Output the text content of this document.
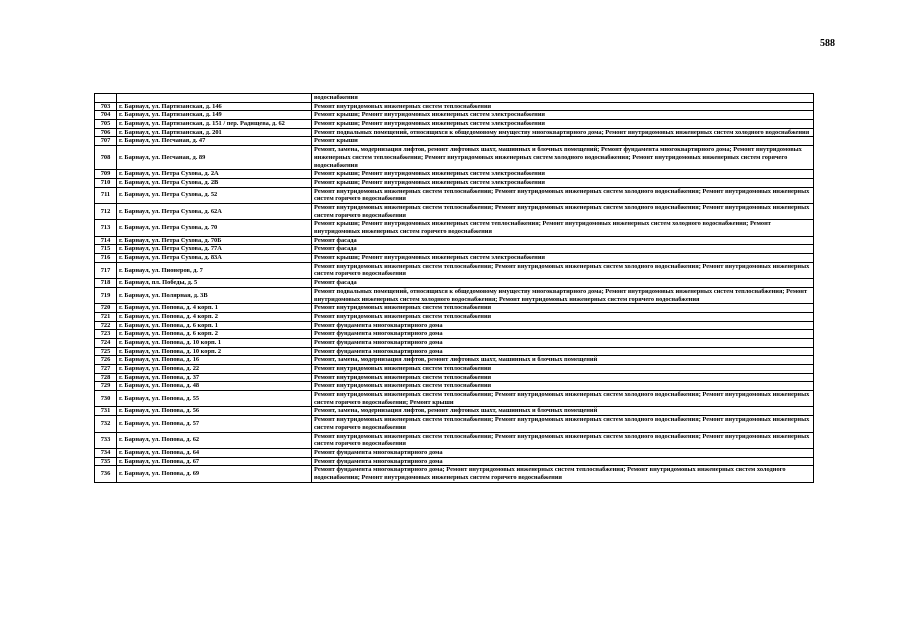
588
		водоснабжения
703	г. Барнаул, ул. Партизанская, д. 146	Ремонт внутридомовых инженерных систем теплоснабжения
704	г. Барнаул, ул. Партизанская, д. 149	Ремонт крыши; Ремонт внутридомовых инженерных систем электроснабжения
705	г. Барнаул, ул. Партизанская, д. 151 / пер. Радищева, д. 62	Ремонт крыши; Ремонт внутридомовых инженерных систем электроснабжения
706	г. Барнаул, ул. Партизанская, д. 201	Ремонт подвальных помещений, относящихся к общедомовому имуществу многоквартирного дома; Ремонт внутридомовых инженерных систем холодного водоснабжения
707	г. Барнаул, ул. Песчаная, д. 47	Ремонт крыши
708	г. Барнаул, ул. Песчаная, д. 89	Ремонт, замена, модернизация лифтов, ремонт лифтовых шахт, машинных и блочных помещений; Ремонт фундамента многоквартирного дома; Ремонт внутридомовых инженерных систем теплоснабжения; Ремонт внутридомовых инженерных систем холодного водоснабжения; Ремонт внутридомовых инженерных систем горячего водоснабжения
709	г. Барнаул, ул. Петра Сухова, д. 2А	Ремонт крыши; Ремонт внутридомовых инженерных систем электроснабжения
710	г. Барнаул, ул. Петра Сухова, д. 2В	Ремонт крыши; Ремонт внутридомовых инженерных систем электроснабжения
711	г. Барнаул, ул. Петра Сухова, д. 52	Ремонт внутридомовых инженерных систем теплоснабжения; Ремонт внутридомовых инженерных систем холодного водоснабжения; Ремонт внутридомовых инженерных систем горячего водоснабжения
712	г. Барнаул, ул. Петра Сухова, д. 62А	Ремонт внутридомовых инженерных систем теплоснабжения; Ремонт внутридомовых инженерных систем холодного водоснабжения; Ремонт внутридомовых инженерных систем горячего водоснабжения
713	г. Барнаул, ул. Петра Сухова, д. 70	Ремонт крыши; Ремонт внутридомовых инженерных систем теплоснабжения; Ремонт внутридомовых инженерных систем холодного водоснабжения; Ремонт внутридомовых инженерных систем горячего водоснабжения
714	г. Барнаул, ул. Петра Сухова, д. 70Б	Ремонт фасада
715	г. Барнаул, ул. Петра Сухова, д. 77А	Ремонт фасада
716	г. Барнаул, ул. Петра Сухова, д. 83А	Ремонт крыши; Ремонт внутридомовых инженерных систем электроснабжения
717	г. Барнаул, ул. Пионеров, д. 7	Ремонт внутридомовых инженерных систем теплоснабжения; Ремонт внутридомовых инженерных систем холодного водоснабжения; Ремонт внутридомовых инженерных систем горячего водоснабжения
718	г. Барнаул, пл. Победы, д. 5	Ремонт фасада
719	г. Барнаул, ул. Полярная, д. 3В	Ремонт подвальных помещений, относящихся к общедомовому имуществу многоквартирного дома; Ремонт внутридомовых инженерных систем теплоснабжения; Ремонт внутридомовых инженерных систем холодного водоснабжения; Ремонт внутридомовых инженерных систем горячего водоснабжения
720	г. Барнаул, ул. Попова, д. 4 корп. 1	Ремонт внутридомовых инженерных систем теплоснабжения
721	г. Барнаул, ул. Попова, д. 4 корп. 2	Ремонт внутридомовых инженерных систем теплоснабжения
722	г. Барнаул, ул. Попова, д. 6 корп. 1	Ремонт фундамента многоквартирного дома
723	г. Барнаул, ул. Попова, д. 6 корп. 2	Ремонт фундамента многоквартирного дома
724	г. Барнаул, ул. Попова, д. 10 корп. 1	Ремонт фундамента многоквартирного дома
725	г. Барнаул, ул. Попова, д. 10 корп. 2	Ремонт фундамента многоквартирного дома
726	г. Барнаул, ул. Попова, д. 16	Ремонт, замена, модернизация лифтов, ремонт лифтовых шахт, машинных и блочных помещений
727	г. Барнаул, ул. Попова, д. 22	Ремонт внутридомовых инженерных систем теплоснабжения
728	г. Барнаул, ул. Попова, д. 37	Ремонт внутридомовых инженерных систем теплоснабжения
729	г. Барнаул, ул. Попова, д. 48	Ремонт внутридомовых инженерных систем теплоснабжения
730	г. Барнаул, ул. Попова, д. 55	Ремонт внутридомовых инженерных систем теплоснабжения; Ремонт внутридомовых инженерных систем холодного водоснабжения; Ремонт внутридомовых инженерных систем горячего водоснабжения; Ремонт крыши
731	г. Барнаул, ул. Попова, д. 56	Ремонт, замена, модернизация лифтов, ремонт лифтовых шахт, машинных и блочных помещений
732	г. Барнаул, ул. Попова, д. 57	Ремонт внутридомовых инженерных систем теплоснабжения; Ремонт внутридомовых инженерных систем холодного водоснабжения; Ремонт внутридомовых инженерных систем горячего водоснабжения
733	г. Барнаул, ул. Попова, д. 62	Ремонт внутридомовых инженерных систем теплоснабжения; Ремонт внутридомовых инженерных систем холодного водоснабжения; Ремонт внутридомовых инженерных систем горячего водоснабжения
734	г. Барнаул, ул. Попова, д. 64	Ремонт фундамента многоквартирного дома
735	г. Барнаул, ул. Попова, д. 67	Ремонт фундамента многоквартирного дома
736	г. Барнаул, ул. Попова, д. 69	Ремонт фундамента многоквартирного дома; Ремонт внутридомовых инженерных систем теплоснабжения; Ремонт внутридомовых инженерных систем холодного водоснабжения; Ремонт внутридомовых инженерных систем горячего водоснабжения
